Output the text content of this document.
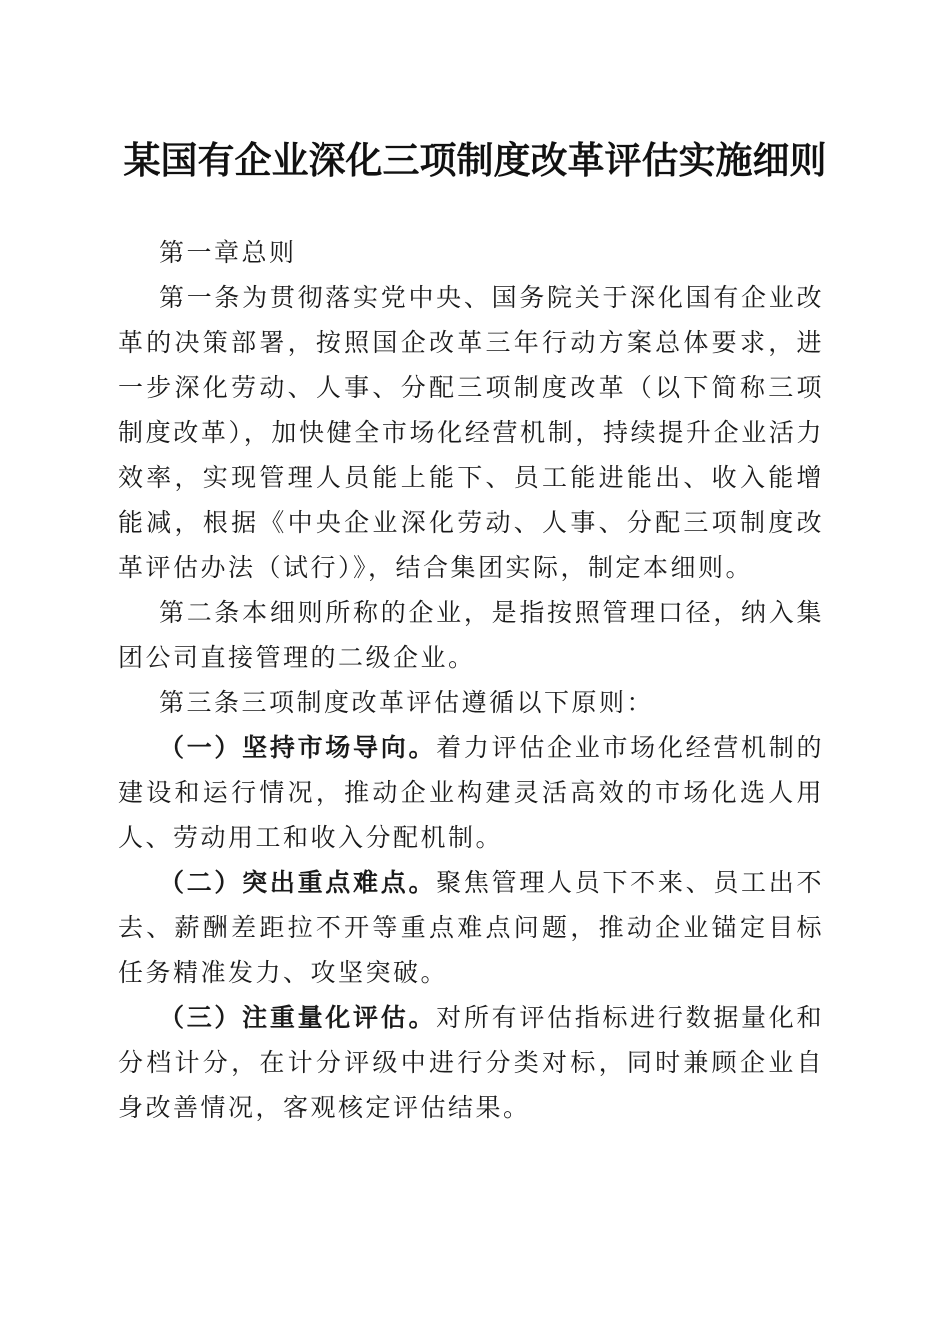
某国有企业深化三项制度改革评估实施细则

第一章总则

第一条为贯彻落实党中央、国务院关于深化国有企业改革的决策部署，按照国企改革三年行动方案总体要求，进一步深化劳动、人事、分配三项制度改革（以下简称三项制度改革），加快健全市场化经营机制，持续提升企业活力效率，实现管理人员能上能下、员工能进能出、收入能增能减，根据《中央企业深化劳动、人事、分配三项制度改革评估办法（试行）》，结合集团实际，制定本细则。

第二条本细则所称的企业，是指按照管理口径，纳入集团公司直接管理的二级企业。

第三条三项制度改革评估遵循以下原则：

（一）坚持市场导向。着力评估企业市场化经营机制的建设和运行情况，推动企业构建灵活高效的市场化选人用人、劳动用工和收入分配机制。

（二）突出重点难点。聚焦管理人员下不来、员工出不去、薪酬差距拉不开等重点难点问题，推动企业锚定目标任务精准发力、攻坚突破。

（三）注重量化评估。对所有评估指标进行数据量化和分档计分，在计分评级中进行分类对标，同时兼顾企业自身改善情况，客观核定评估结果。
